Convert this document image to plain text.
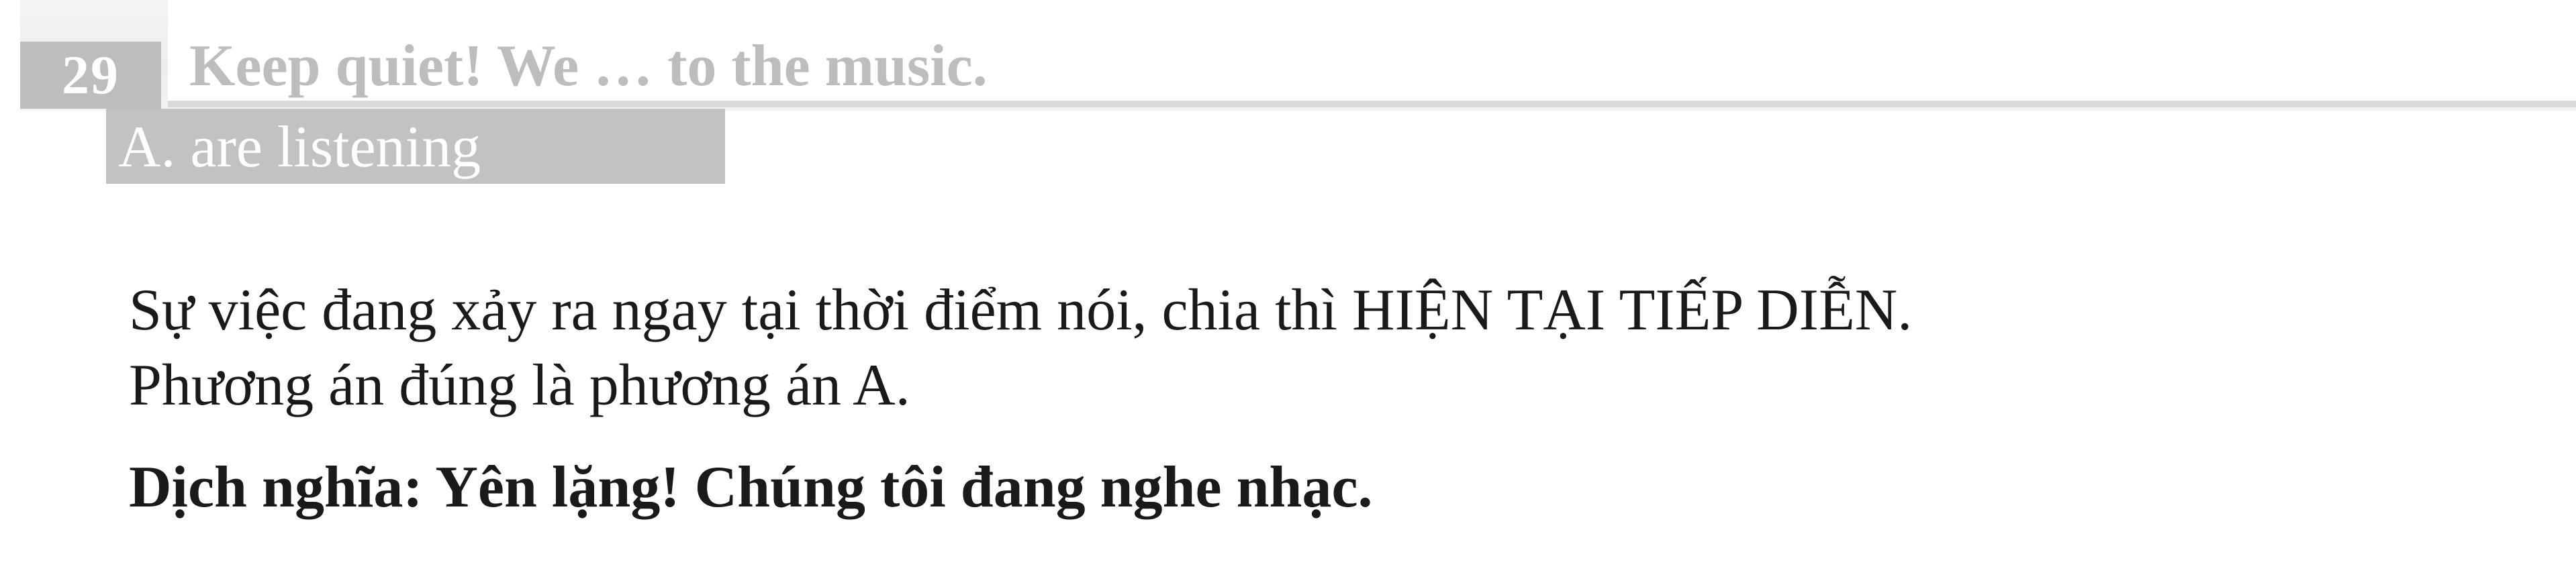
29	Keep quiet! We … to the music.
A. are listening
Sự việc đang xảy ra ngay tại thời điểm nói, chia thì HIỆN TẠI TIẾP DIỄN.
Phương án đúng là phương án A.
Dịch nghĩa: Yên lặng! Chúng tôi đang nghe nhạc.
